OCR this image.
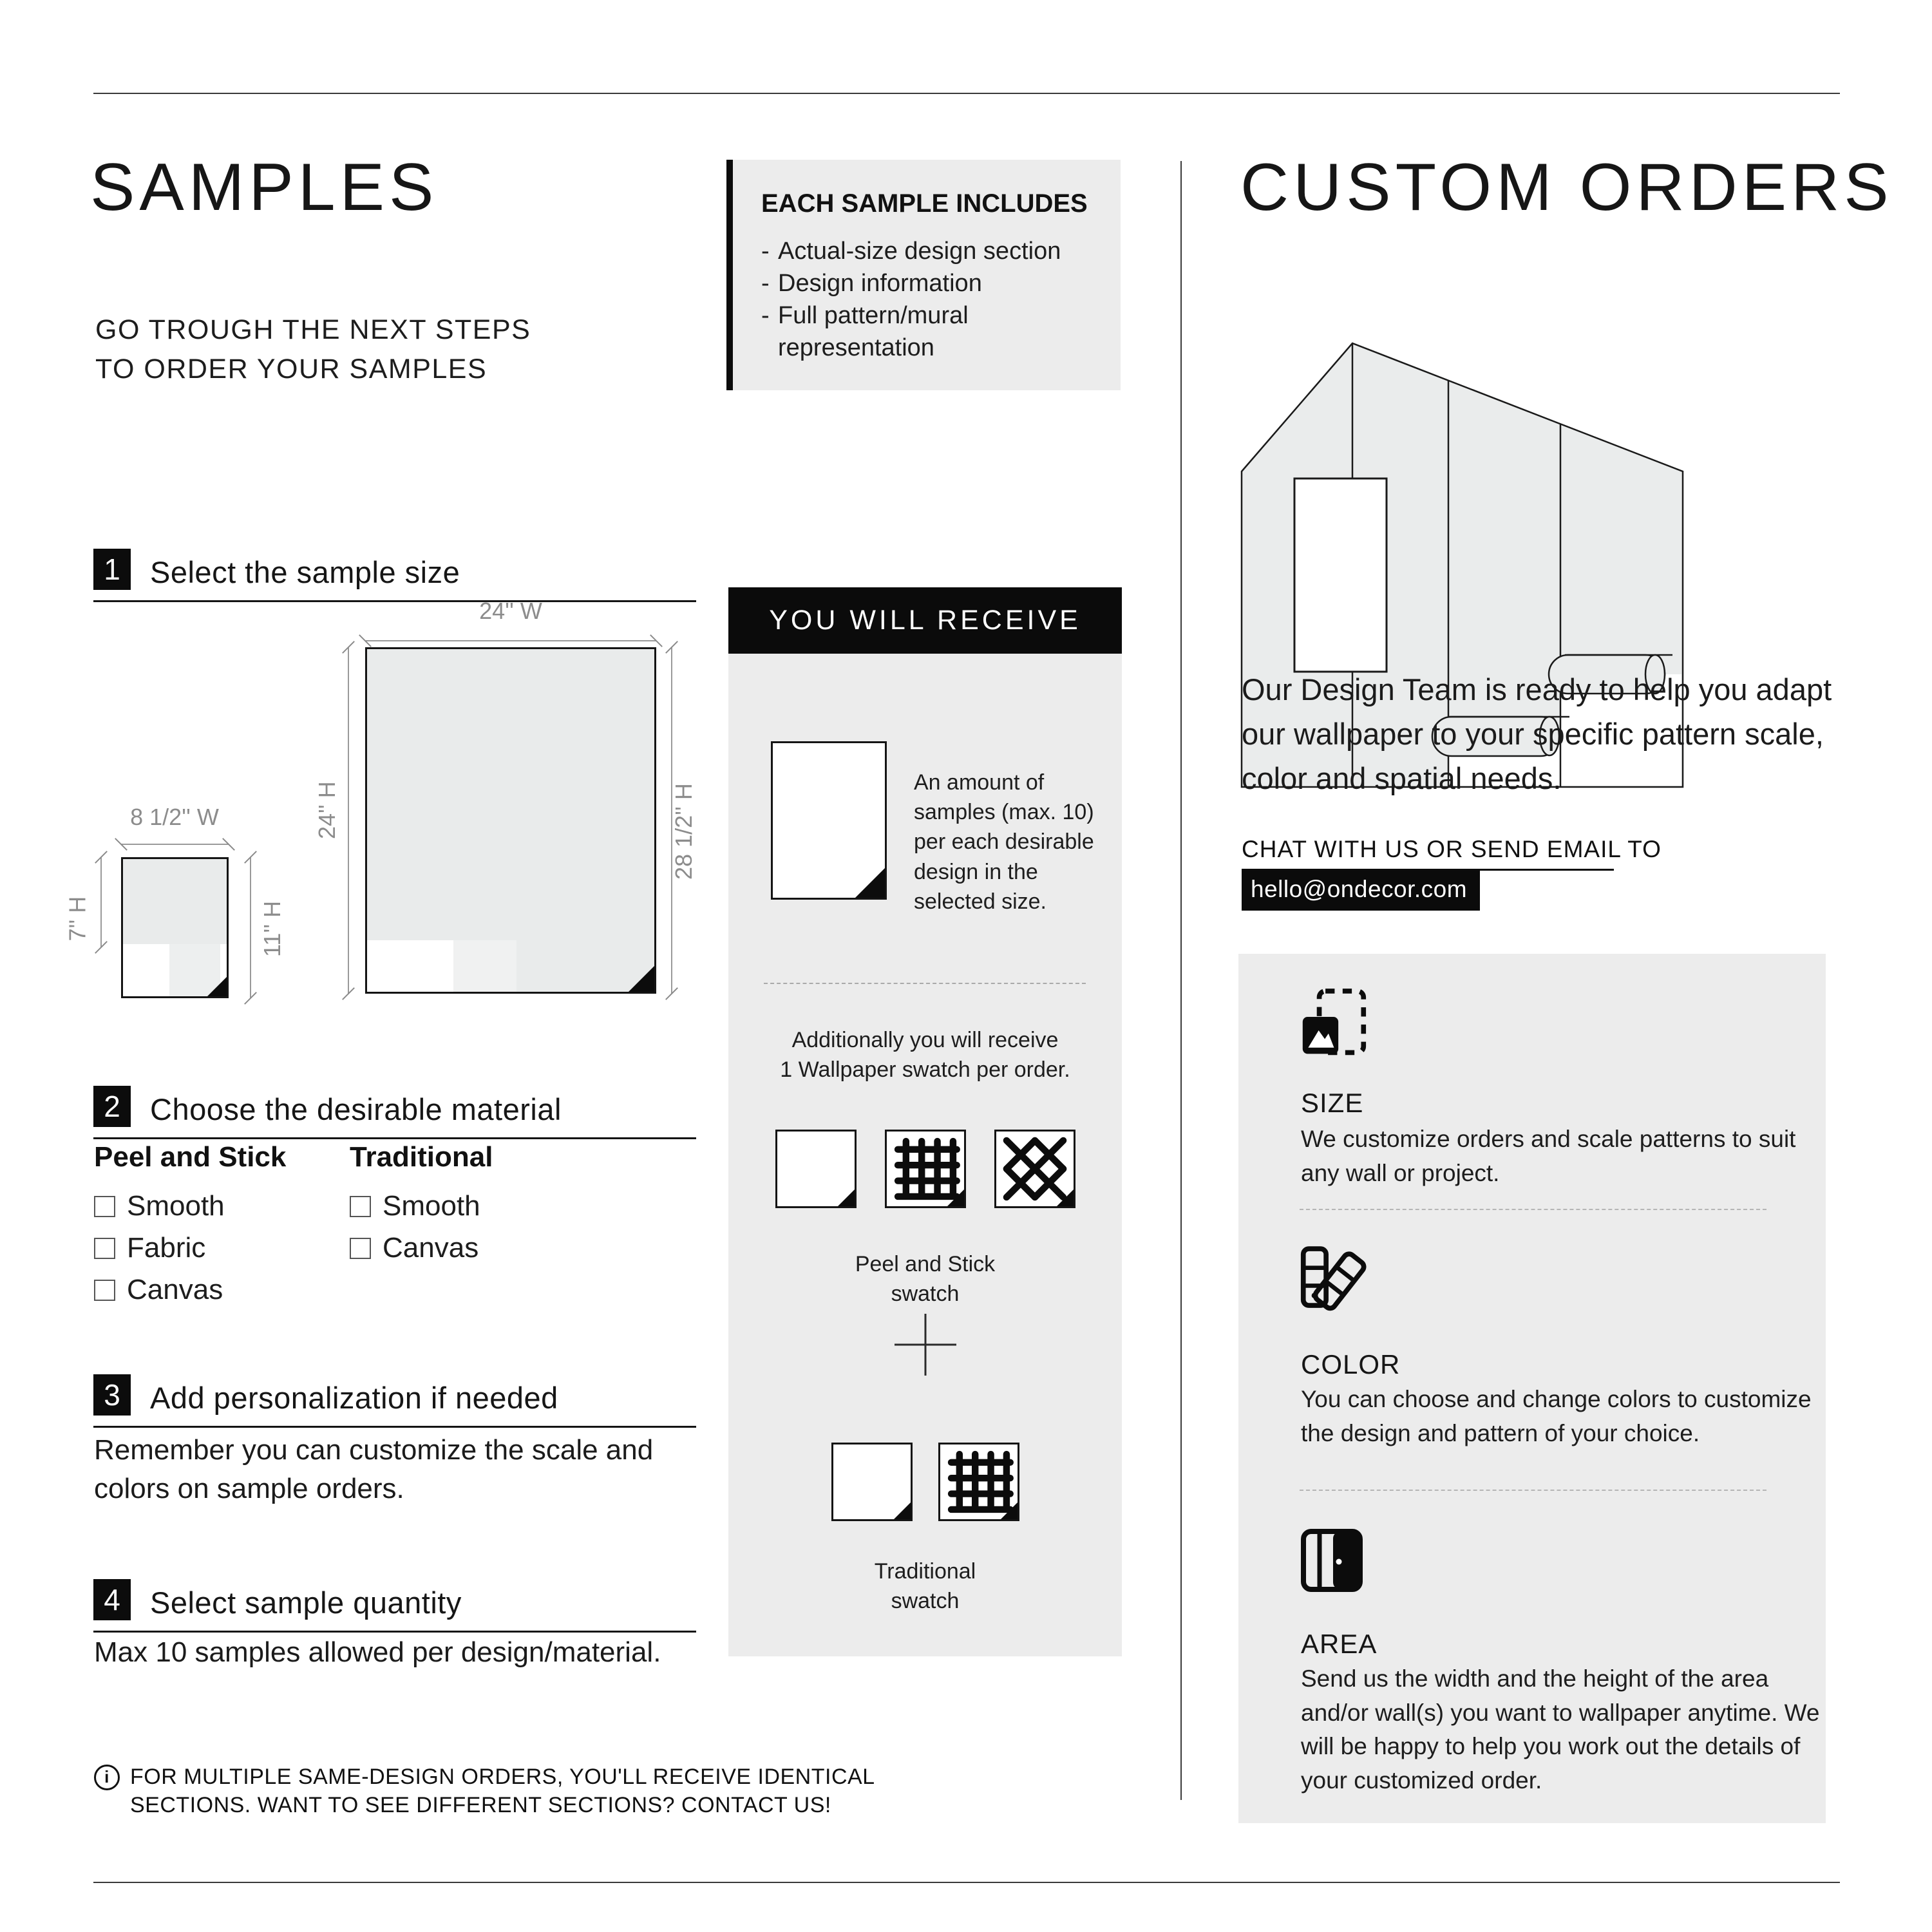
SAMPLES
GO TROUGH THE NEXT STEPS
TO ORDER YOUR SAMPLES
EACH SAMPLE INCLUDES
- Actual-size design section
- Design information
- Full pattern/mural representation
1 Select the sample size
24'' W
24'' H	28 1/2'' H
8 1/2'' W
7'' H	11'' H
2 Choose the desirable material
Peel and Stick
Smooth
Fabric
Canvas
Traditional
Smooth
Canvas
3 Add personalization if needed
Remember you can customize the scale and colors on sample orders.
4 Select sample quantity
Max 10 samples allowed per design/material.
i FOR MULTIPLE SAME-DESIGN ORDERS, YOU'LL RECEIVE IDENTICAL
SECTIONS. WANT TO SEE DIFFERENT SECTIONS? CONTACT US!
YOU WILL RECEIVE
An amount of samples (max. 10) per each desirable design in the selected size.
Additionally you will receive
1 Wallpaper swatch per order.
Peel and Stick
swatch
Traditional
swatch
CUSTOM ORDERS
Our Design Team is ready to help you adapt our wallpaper to your specific pattern scale, color and spatial needs.
CHAT WITH US OR SEND EMAIL TO
hello@ondecor.com
SIZE
We customize orders and scale patterns to suit any wall or project.
COLOR
You can choose and change colors to customize the design and pattern of your choice.
AREA
Send us the width and the height of the area and/or wall(s) you want to wallpaper anytime. We will be happy to help you work out the details of your customized order.
